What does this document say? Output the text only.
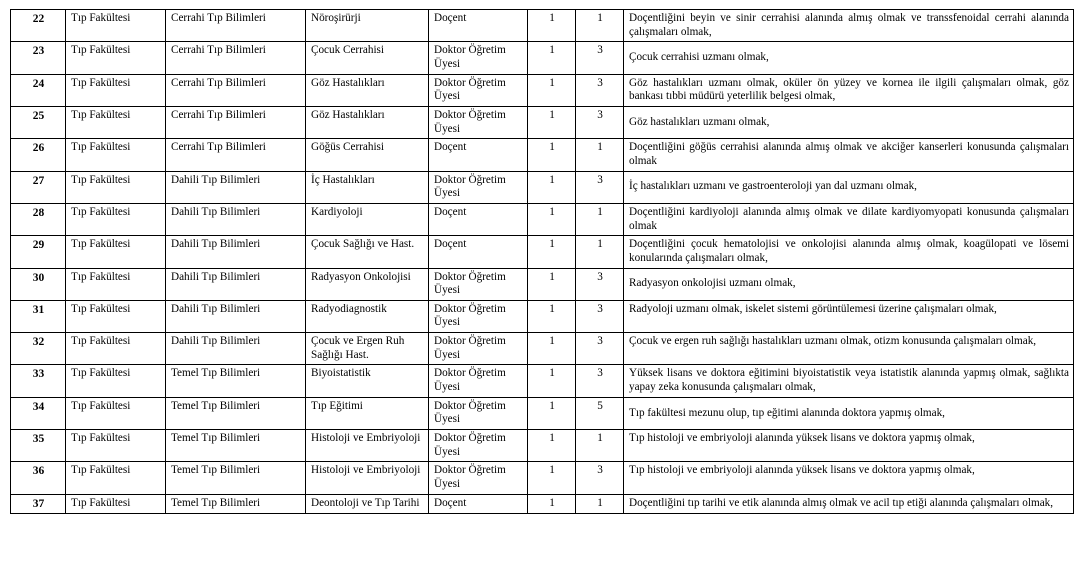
22	Tıp Fakültesi	Cerrahi Tıp Bilimleri	Nöroşirürji	Doçent	1	1	Doçentliğini beyin ve sinir cerrahisi alanında almış olmak ve transsfenoidal cerrahi alanında çalışmaları olmak,

23	Tıp Fakültesi	Cerrahi Tıp Bilimleri	Çocuk Cerrahisi	Doktor Öğretim Üyesi	1	3	Çocuk cerrahisi uzmanı olmak,

24	Tıp Fakültesi	Cerrahi Tıp Bilimleri	Göz Hastalıkları	Doktor Öğretim Üyesi	1	3	Göz hastalıkları uzmanı olmak, oküler ön yüzey ve kornea ile ilgili çalışmaları olmak, göz bankası tıbbi müdürü yeterlilik belgesi olmak,

25	Tıp Fakültesi	Cerrahi Tıp Bilimleri	Göz Hastalıkları	Doktor Öğretim Üyesi	1	3	Göz hastalıkları uzmanı olmak,

26	Tıp Fakültesi	Cerrahi Tıp Bilimleri	Göğüs Cerrahisi	Doçent	1	1	Doçentliğini göğüs cerrahisi alanında almış olmak ve akciğer kanserleri konusunda çalışmaları olmak

27	Tıp Fakültesi	Dahili Tıp Bilimleri	İç Hastalıkları	Doktor Öğretim Üyesi	1	3	İç hastalıkları uzmanı ve gastroenteroloji yan dal uzmanı olmak,

28	Tıp Fakültesi	Dahili Tıp Bilimleri	Kardiyoloji	Doçent	1	1	Doçentliğini kardiyoloji alanında almış olmak ve dilate kardiyomyopati konusunda çalışmaları olmak

29	Tıp Fakültesi	Dahili Tıp Bilimleri	Çocuk Sağlığı ve Hast.	Doçent	1	1	Doçentliğini çocuk hematolojisi ve onkolojisi alanında almış olmak, koagülopati ve lösemi konularında çalışmaları olmak,

30	Tıp Fakültesi	Dahili Tıp Bilimleri	Radyasyon Onkolojisi	Doktor Öğretim Üyesi	1	3	Radyasyon onkolojisi uzmanı olmak,

31	Tıp Fakültesi	Dahili Tıp Bilimleri	Radyodiagnostik	Doktor Öğretim Üyesi	1	3	Radyoloji uzmanı olmak, iskelet sistemi görüntülemesi üzerine çalışmaları olmak,

32	Tıp Fakültesi	Dahili Tıp Bilimleri	Çocuk ve Ergen Ruh Sağlığı Hast.	Doktor Öğretim Üyesi	1	3	Çocuk ve ergen ruh sağlığı hastalıkları uzmanı olmak, otizm konusunda çalışmaları olmak,

33	Tıp Fakültesi	Temel Tıp Bilimleri	Biyoistatistik	Doktor Öğretim Üyesi	1	3	Yüksek lisans ve doktora eğitimini biyoistatistik veya istatistik alanında yapmış olmak, sağlıkta yapay zeka konusunda çalışmaları olmak,

34	Tıp Fakültesi	Temel Tıp Bilimleri	Tıp Eğitimi	Doktor Öğretim Üyesi	1	5	Tıp fakültesi mezunu olup, tıp eğitimi alanında doktora yapmış olmak,

35	Tıp Fakültesi	Temel Tıp Bilimleri	Histoloji ve Embriyoloji	Doktor Öğretim Üyesi	1	1	Tıp histoloji ve embriyoloji alanında yüksek lisans ve doktora yapmış olmak,

36	Tıp Fakültesi	Temel Tıp Bilimleri	Histoloji ve Embriyoloji	Doktor Öğretim Üyesi	1	3	Tıp histoloji ve embriyoloji alanında yüksek lisans ve doktora yapmış olmak,

37	Tıp Fakültesi	Temel Tıp Bilimleri	Deontoloji ve Tıp Tarihi	Doçent	1	1	Doçentliğini tıp tarihi ve etik alanında almış olmak ve acil tıp etiği alanında çalışmaları olmak,
